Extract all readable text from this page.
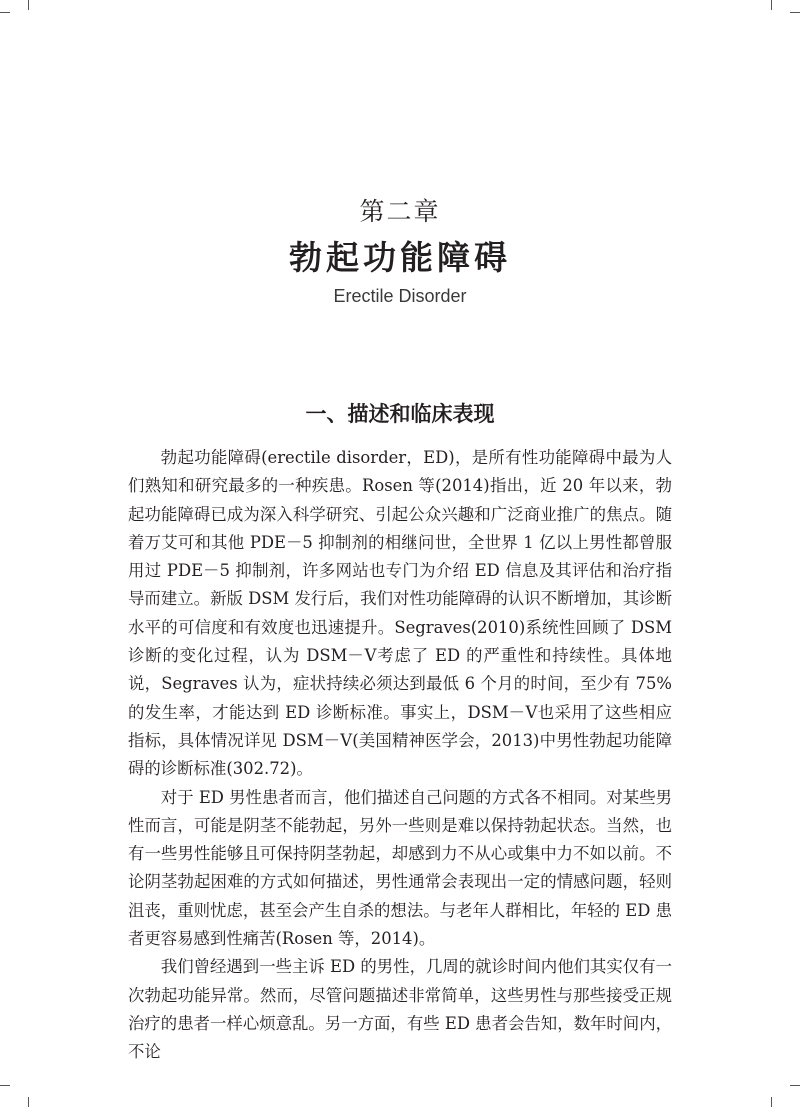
第二章
勃起功能障碍
Erectile Disorder
一、描述和临床表现

勃起功能障碍(erectile disorder，ED)，是所有性功能障碍中最为人们熟知和研究最多的一种疾患。Rosen 等(2014)指出，近 20 年以来，勃起功能障碍已成为深入科学研究、引起公众兴趣和广泛商业推广的焦点。随着万艾可和其他 PDE－5 抑制剂的相继问世，全世界 1 亿以上男性都曾服用过 PDE－5 抑制剂，许多网站也专门为介绍 ED 信息及其评估和治疗指导而建立。新版 DSM 发行后，我们对性功能障碍的认识不断增加，其诊断水平的可信度和有效度也迅速提升。Segraves(2010)系统性回顾了 DSM 诊断的变化过程，认为 DSM－Ⅴ考虑了 ED 的严重性和持续性。具体地说，Segraves 认为，症状持续必须达到最低 6 个月的时间，至少有 75%的发生率，才能达到 ED 诊断标准。事实上，DSM－Ⅴ也采用了这些相应指标，具体情况详见 DSM－Ⅴ(美国精神医学会，2013)中男性勃起功能障碍的诊断标准(302.72)。

对于 ED 男性患者而言，他们描述自己问题的方式各不相同。对某些男性而言，可能是阴茎不能勃起，另外一些则是难以保持勃起状态。当然，也有一些男性能够且可保持阴茎勃起，却感到力不从心或集中力不如以前。不论阴茎勃起困难的方式如何描述，男性通常会表现出一定的情感问题，轻则沮丧，重则忧虑，甚至会产生自杀的想法。与老年人群相比，年轻的 ED 患者更容易感到性痛苦(Rosen 等，2014)。

我们曾经遇到一些主诉 ED 的男性，几周的就诊时间内他们其实仅有一次勃起功能异常。然而，尽管问题描述非常简单，这些男性与那些接受正规治疗的患者一样心烦意乱。另一方面，有些 ED 患者会告知，数年时间内，不论
